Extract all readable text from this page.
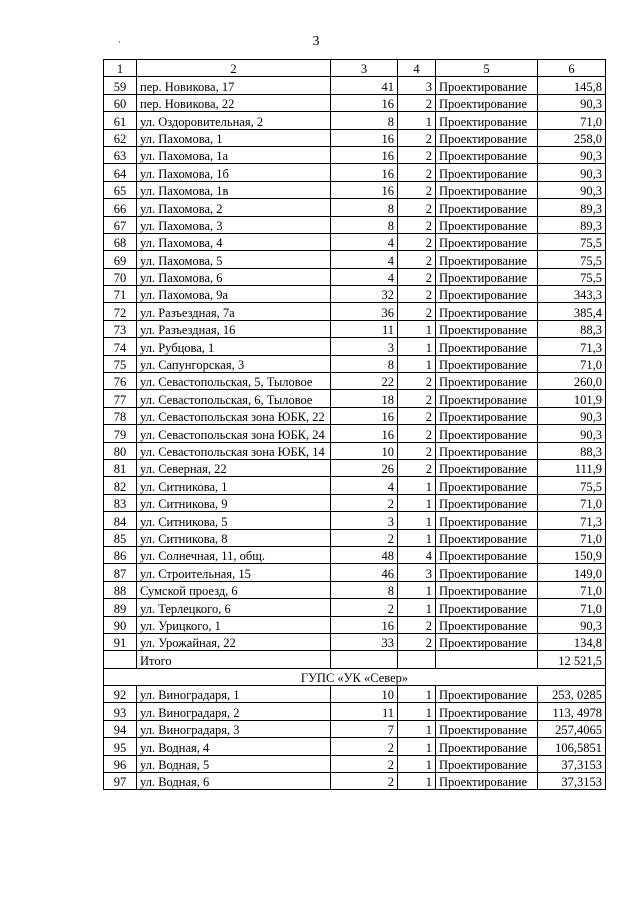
·	3
1	2	3	4	5	6
59	пер. Новикова, 17	41	3	Проектирование	145,8
60	пер. Новикова, 22	16	2	Проектирование	90,3
61	ул. Оздоровительная, 2	8	1	Проектирование	71,0
62	ул. Пахомова, 1	16	2	Проектирование	258,0
63	ул. Пахомова, 1а	16	2	Проектирование	90,3
64	ул. Пахомова, 1б	16	2	Проектирование	90,3
65	ул. Пахомова, 1в	16	2	Проектирование	90,3
66	ул. Пахомова, 2	8	2	Проектирование	89,3
67	ул. Пахомова, 3	8	2	Проектирование	89,3
68	ул. Пахомова, 4	4	2	Проектирование	75,5
69	ул. Пахомова, 5	4	2	Проектирование	75,5
70	ул. Пахомова, 6	4	2	Проектирование	75,5
71	ул. Пахомова, 9а	32	2	Проектирование	343,3
72	ул. Разъездная, 7а	36	2	Проектирование	385,4
73	ул. Разъездная, 16	11	1	Проектирование	88,3
74	ул. Рубцова, 1	3	1	Проектирование	71,3
75	ул. Сапунгорская, 3	8	1	Проектирование	71,0
76	ул. Севастопольская, 5, Тыловое	22	2	Проектирование	260,0
77	ул. Севастопольская, 6, Тыловое	18	2	Проектирование	101,9
78	ул. Севастопольская зона ЮБК, 22	16	2	Проектирование	90,3
79	ул. Севастопольская зона ЮБК, 24	16	2	Проектирование	90,3
80	ул. Севастопольская зона ЮБК, 14	10	2	Проектирование	88,3
81	ул. Северная, 22	26	2	Проектирование	111,9
82	ул. Ситникова, 1	4	1	Проектирование	75,5
83	ул. Ситникова, 9	2	1	Проектирование	71,0
84	ул. Ситникова, 5	3	1	Проектирование	71,3
85	ул. Ситникова, 8	2	1	Проектирование	71,0
86	ул. Солнечная, 11, общ.	48	4	Проектирование	150,9
87	ул. Строительная, 15	46	3	Проектирование	149,0
88	Сумской проезд, 6	8	1	Проектирование	71,0
89	ул. Терлецкого, 6	2	1	Проектирование	71,0
90	ул. Урицкого, 1	16	2	Проектирование	90,3
91	ул. Урожайная, 22	33	2	Проектирование	134,8
	Итого				12 521,5
ГУПС «УК «Север»					
92	ул. Виноградаря, 1	10	1	Проектирование	253, 0285
93	ул. Виноградаря, 2	11	1	Проектирование	113, 4978
94	ул. Виноградаря, 3	7	1	Проектирование	257,4065
95	ул. Водная, 4	2	1	Проектирование	106,5851
96	ул. Водная, 5	2	1	Проектирование	37,3153
97	ул. Водная, 6	2	1	Проектирование	37,3153
